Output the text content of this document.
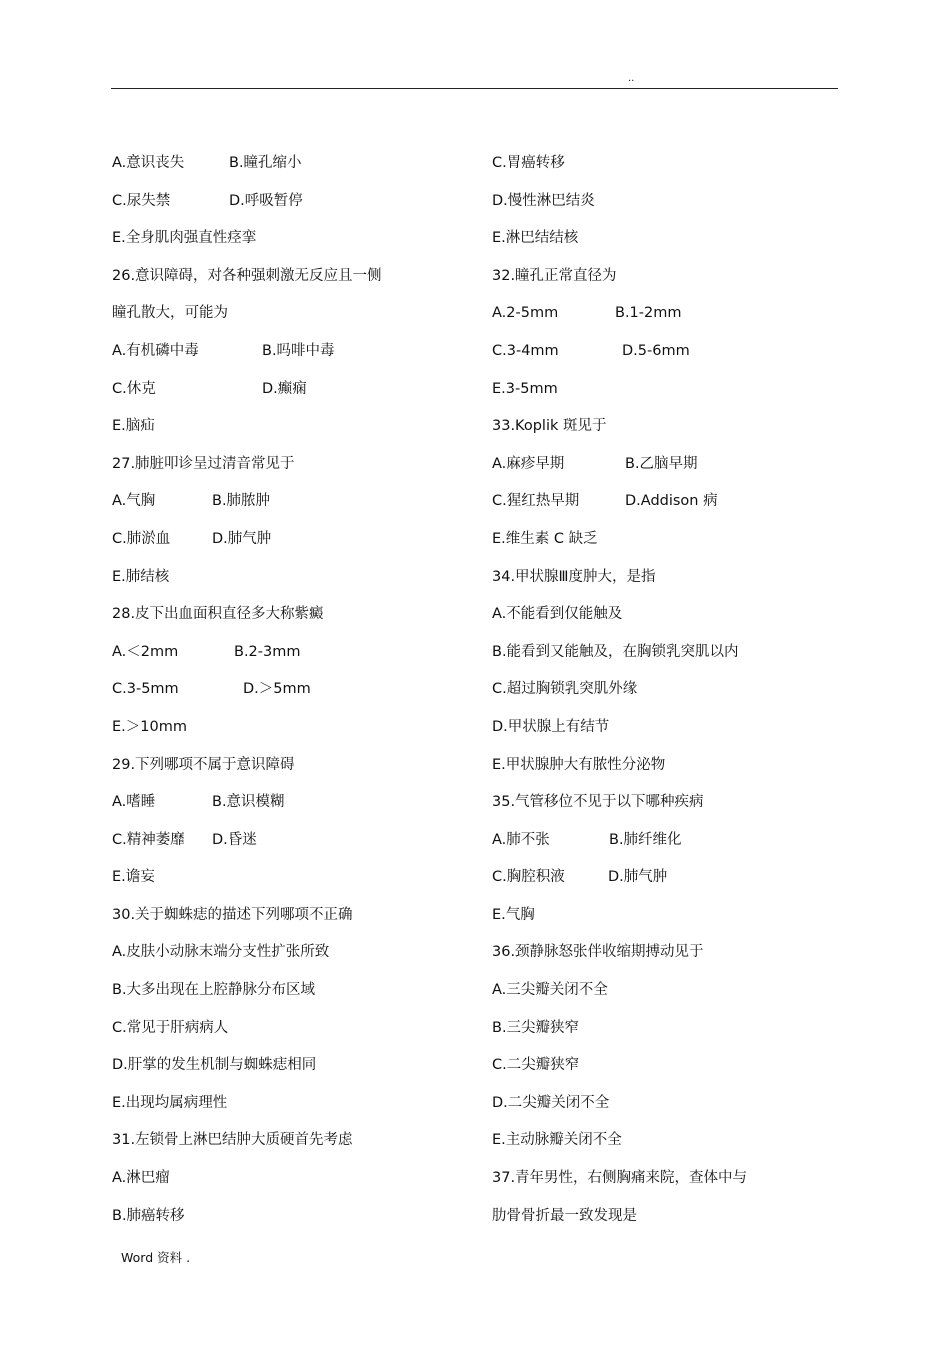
..
A.意识丧失	B.瞳孔缩小
C.尿失禁	D.呼吸暂停
E.全身肌肉强直性痉挛
26.意识障碍，对各种强刺激无反应且一侧
瞳孔散大，可能为
A.有机磷中毒	B.吗啡中毒
C.休克	D.癫痫
E.脑疝
27.肺脏叩诊呈过清音常见于
A.气胸	B.肺脓肿
C.肺淤血	D.肺气肿
E.肺结核
28.皮下出血面积直径多大称紫癜
A.＜2mm	B.2-3mm
C.3-5mm	D.＞5mm
E.＞10mm
29.下列哪项不属于意识障碍
A.嗜睡	B.意识模糊
C.精神萎靡 D.昏迷
E.谵妄
30.关于蜘蛛痣的描述下列哪项不正确
A.皮肤小动脉末端分支性扩张所致
B.大多出现在上腔静脉分布区域
C.常见于肝病病人
D.肝掌的发生机制与蜘蛛痣相同
E.出现均属病理性
31.左锁骨上淋巴结肿大质硬首先考虑
A.淋巴瘤
B.肺癌转移
C.胃癌转移
D.慢性淋巴结炎
E.淋巴结结核
32.瞳孔正常直径为
A.2-5mm	B.1-2mm
C.3-4mm	D.5-6mm
E.3-5mm
33.Koplik 斑见于
A.麻疹早期	B.乙脑早期
C.猩红热早期	D.Addison 病
E.维生素 C 缺乏
34.甲状腺Ⅲ度肿大，是指
A.不能看到仅能触及
B.能看到又能触及，在胸锁乳突肌以内
C.超过胸锁乳突肌外缘
D.甲状腺上有结节
E.甲状腺肿大有脓性分泌物
35.气管移位不见于以下哪种疾病
A.肺不张	B.肺纤维化
C.胸腔积液	D.肺气肿
E.气胸
36.颈静脉怒张伴收缩期搏动见于
A.三尖瓣关闭不全
B.三尖瓣狭窄
C.二尖瓣狭窄
D.二尖瓣关闭不全
E.主动脉瓣关闭不全
37.青年男性，右侧胸痛来院，查体中与
肋骨骨折最一致发现是
Word 资料 .
